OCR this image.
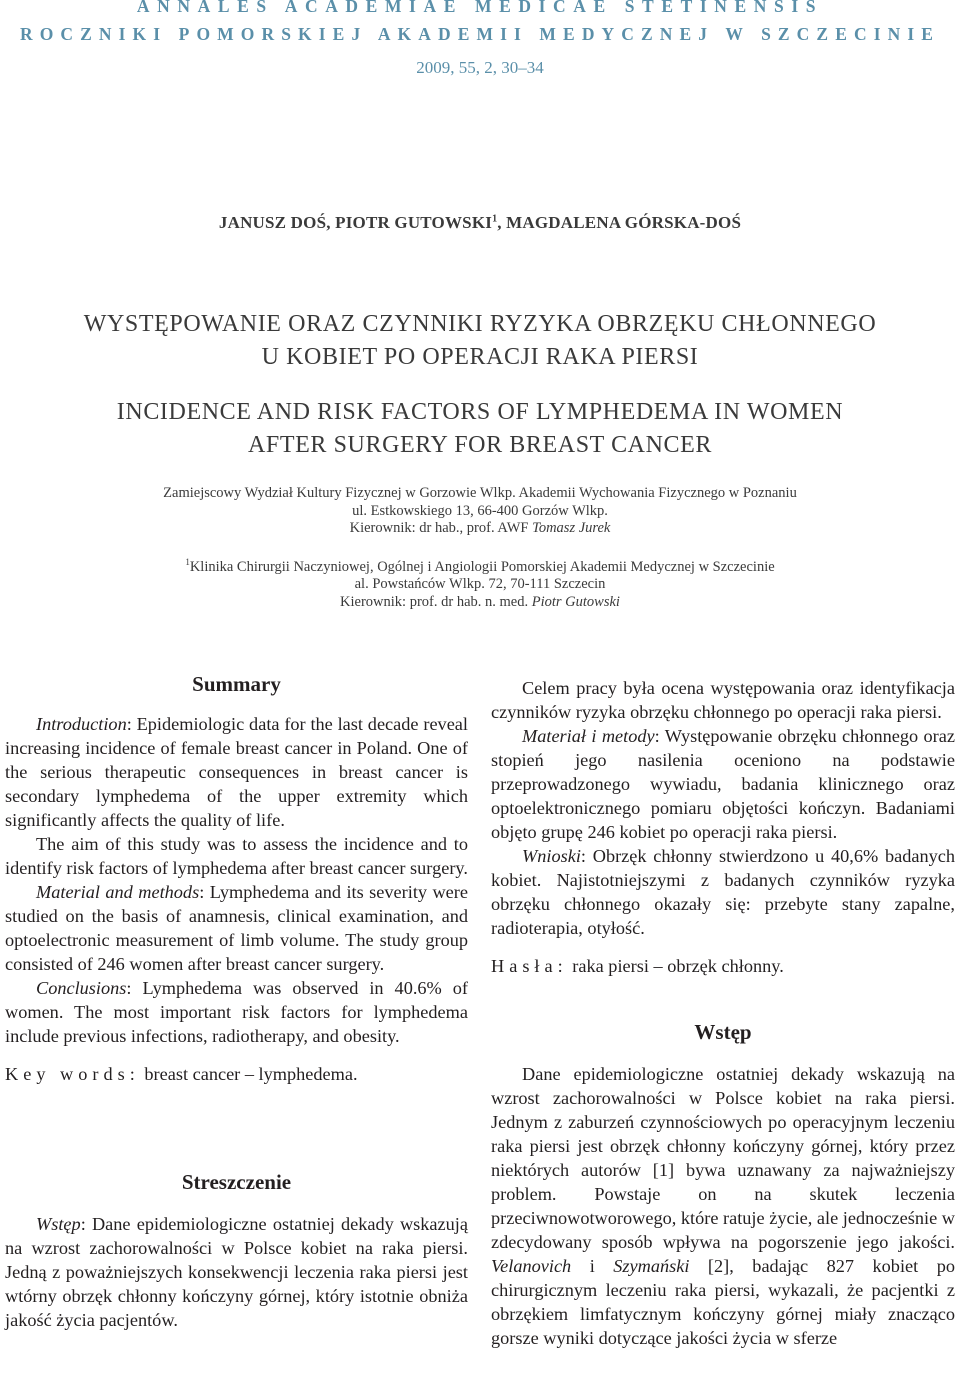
ANNALES ACADEMIAE MEDICAE STETINENSIS
ROCZNIKI POMORSKIEJ AKADEMII MEDYCZNEJ W SZCZECINIE
2009, 55, 2, 30–34
JANUSZ DOŚ, PIOTR GUTOWSKI$^1$, MAGDALENA GÓRSKA-DOŚ
WYSTĘPOWANIE ORAZ CZYNNIKI RYZYKA OBRZĘKU CHŁONNEGO
U KOBIET PO OPERACJI RAKA PIERSI
INCIDENCE AND RISK FACTORS OF LYMPHEDEMA IN WOMEN
AFTER SURGERY FOR BREAST CANCER
Zamiejscowy Wydział Kultury Fizycznej w Gorzowie Wlkp. Akademii Wychowania Fizycznego w Poznaniu
ul. Estkowskiego 13, 66-400 Gorzów Wlkp.
Kierownik: dr hab., prof. AWF Tomasz Jurek
$^1$Klinika Chirurgii Naczyniowej, Ogólnej i Angiologii Pomorskiej Akademii Medycznej w Szczecinie
al. Powstańców Wlkp. 72, 70-111 Szczecin
Kierownik: prof. dr hab. n. med. Piotr Gutowski
Summary

Introduction: Epidemiologic data for the last decade reveal increasing incidence of female breast cancer in Poland. One of the serious therapeutic consequences in breast cancer is secondary lymphedema of the upper extremity which significantly affects the quality of life.

The aim of this study was to assess the incidence and to identify risk factors of lymphedema after breast cancer surgery.

Material and methods: Lymphedema and its severity were studied on the basis of anamnesis, clinical examination, and optoelectronic measurement of limb volume. The study group consisted of 246 women after breast cancer surgery.

Conclusions: Lymphedema was observed in 40.6% of women. The most important risk factors for lymphedema include previous infections, radiotherapy, and obesity.

Key words: breast cancer – lymphedema.

Streszczenie

Wstęp: Dane epidemiologiczne ostatniej dekady wskazują na wzrost zachorowalności w Polsce kobiet na raka piersi. Jedną z poważniejszych konsekwencji leczenia raka piersi jest wtórny obrzęk chłonny kończyny górnej, który istotnie obniża jakość życia pacjentów.

Celem pracy była ocena występowania oraz identyfikacja czynników ryzyka obrzęku chłonnego po operacji raka piersi.

Materiał i metody: Występowanie obrzęku chłonnego oraz stopień jego nasilenia oceniono na podstawie przeprowadzonego wywiadu, badania klinicznego oraz optoelektronicznego pomiaru objętości kończyn. Badaniami objęto grupę 246 kobiet po operacji raka piersi.

Wnioski: Obrzęk chłonny stwierdzono u 40,6% badanych kobiet. Najistotniejszymi z badanych czynników ryzyka obrzęku chłonnego okazały się: przebyte stany zapalne, radioterapia, otyłość.

Hasła: raka piersi – obrzęk chłonny.

Wstęp

Dane epidemiologiczne ostatniej dekady wskazują na wzrost zachorowalności w Polsce kobiet na raka piersi. Jednym z zaburzeń czynnościowych po operacyjnym leczeniu raka piersi jest obrzęk chłonny kończyny górnej, który przez niektórych autorów [1] bywa uznawany za najważniejszy problem. Powstaje on na skutek leczenia przeciwnowotworowego, które ratuje życie, ale jednocześnie w zdecydowany sposób wpływa na pogorszenie jego jakości. Velanovich i Szymański [2], badając 827 kobiet po chirurgicznym leczeniu raka piersi, wykazali, że pacjentki z obrzękiem limfatycznym kończyny górnej miały znacząco gorsze wyniki dotyczące jakości życia w sferze
